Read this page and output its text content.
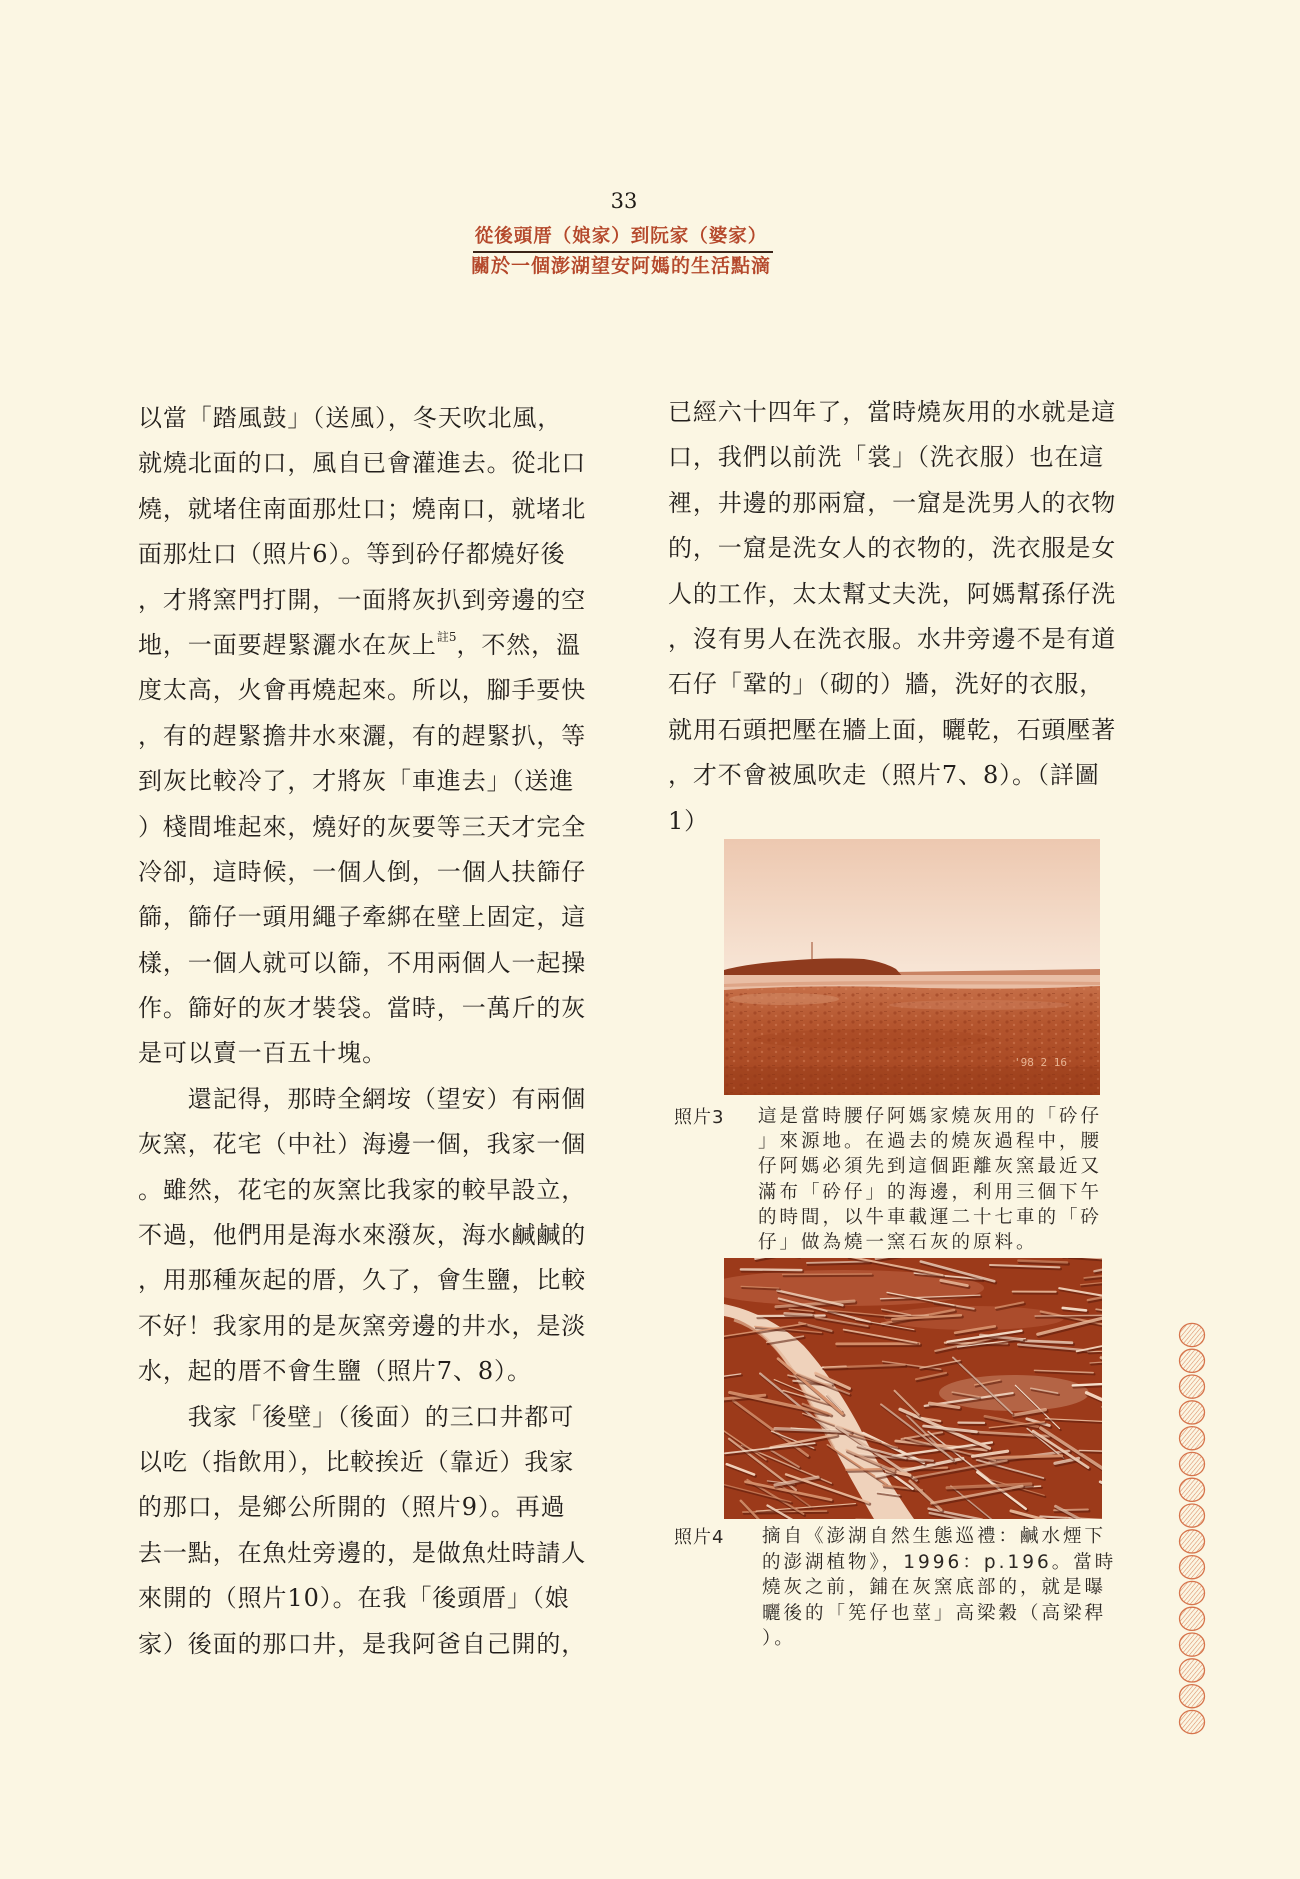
33
從後頭厝（娘家）到阮家（婆家）
關於一個澎湖望安阿媽的生活點滴
以當「踏風鼓」（送風），冬天吹北風，
就燒北面的口，風自已會灌進去。從北口
燒，就堵住南面那灶口；燒南口，就堵北
面那灶口（照片6）。等到砛仔都燒好後
，才將窯門打開，一面將灰扒到旁邊的空
地，一面要趕緊灑水在灰上$^{註5}$，不然，溫
度太高，火會再燒起來。所以，腳手要快
，有的趕緊擔井水來灑，有的趕緊扒，等
到灰比較冷了，才將灰「車進去」（送進
）棧間堆起來，燒好的灰要等三天才完全
冷卻，這時候，一個人倒，一個人扶篩仔
篩，篩仔一頭用繩子牽綁在壁上固定，這
樣，一個人就可以篩，不用兩個人一起操
作。篩好的灰才裝袋。當時，一萬斤的灰
是可以賣一百五十塊。
還記得，那時全網垵（望安）有兩個
灰窯，花宅（中社）海邊一個，我家一個
。雖然，花宅的灰窯比我家的較早設立，
不過，他們用是海水來潑灰，海水鹹鹹的
，用那種灰起的厝，久了，會生鹽，比較
不好！我家用的是灰窯旁邊的井水，是淡
水，起的厝不會生鹽（照片7、8）。
我家「後壁」（後面）的三口井都可
以吃（指飲用），比較挨近（靠近）我家
的那口，是鄉公所開的（照片9）。再過
去一點，在魚灶旁邊的，是做魚灶時請人
來開的（照片10）。在我「後頭厝」（娘
家）後面的那口井，是我阿爸自己開的，
已經六十四年了，當時燒灰用的水就是這
口，我們以前洗「裳」（洗衣服）也在這
裡，井邊的那兩窟，一窟是洗男人的衣物
的，一窟是洗女人的衣物的，洗衣服是女
人的工作，太太幫丈夫洗，阿媽幫孫仔洗
，沒有男人在洗衣服。水井旁邊不是有道
石仔「鞏的」（砌的）牆，洗好的衣服，
就用石頭把壓在牆上面，曬乾，石頭壓著
，才不會被風吹走（照片7、8）。（詳圖
1）
'98 2 16
照片3 這是當時腰仔阿媽家燒灰用的「砛仔
」來源地。在過去的燒灰過程中，腰
仔阿媽必須先到這個距離灰窯最近又
滿布「砛仔」的海邊，利用三個下午
的時間，以牛車載運二十七車的「砛
仔」做為燒一窯石灰的原料。
照片4 摘自《澎湖自然生態巡禮：鹹水煙下
的澎湖植物》，1996：p.196。當時
燒灰之前，鋪在灰窯底部的，就是曝
曬後的「筅仔也莖」高梁穀（高梁稈
）。
